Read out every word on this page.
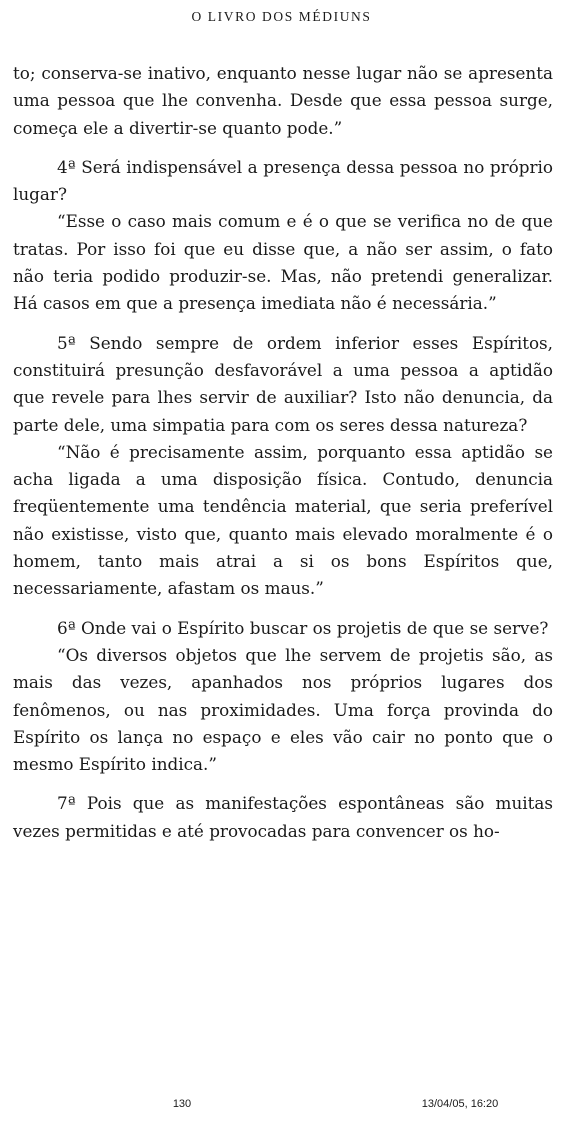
O LIVRO DOS MÉDIUNS

to; conserva-se inativo, enquanto nesse lugar não se apresenta uma pessoa que lhe convenha. Desde que essa pessoa surge, começa ele a divertir-se quanto pode.”

4ª Será indispensável a presença dessa pessoa no próprio lugar?

“Esse o caso mais comum e é o que se verifica no de que tratas. Por isso foi que eu disse que, a não ser assim, o fato não teria podido produzir-se. Mas, não pretendi generalizar. Há casos em que a presença imediata não é necessária.”

5ª Sendo sempre de ordem inferior esses Espíritos, constituirá presunção desfavorável a uma pessoa a aptidão que revele para lhes servir de auxiliar? Isto não denuncia, da parte dele, uma simpatia para com os seres dessa natureza?

“Não é precisamente assim, porquanto essa aptidão se acha ligada a uma disposição física. Contudo, denuncia freqüentemente uma tendência material, que seria preferível não existisse, visto que, quanto mais elevado moralmente é o homem, tanto mais atrai a si os bons Espíritos que, necessariamente, afastam os maus.”

6ª Onde vai o Espírito buscar os projetis de que se serve?

“Os diversos objetos que lhe servem de projetis são, as mais das vezes, apanhados nos próprios lugares dos fenômenos, ou nas proximidades. Uma força provinda do Espírito os lança no espaço e eles vão cair no ponto que o mesmo Espírito indica.”

7ª Pois que as manifestações espontâneas são muitas vezes permitidas e até provocadas para convencer os ho-

130	13/04/05, 16:20
